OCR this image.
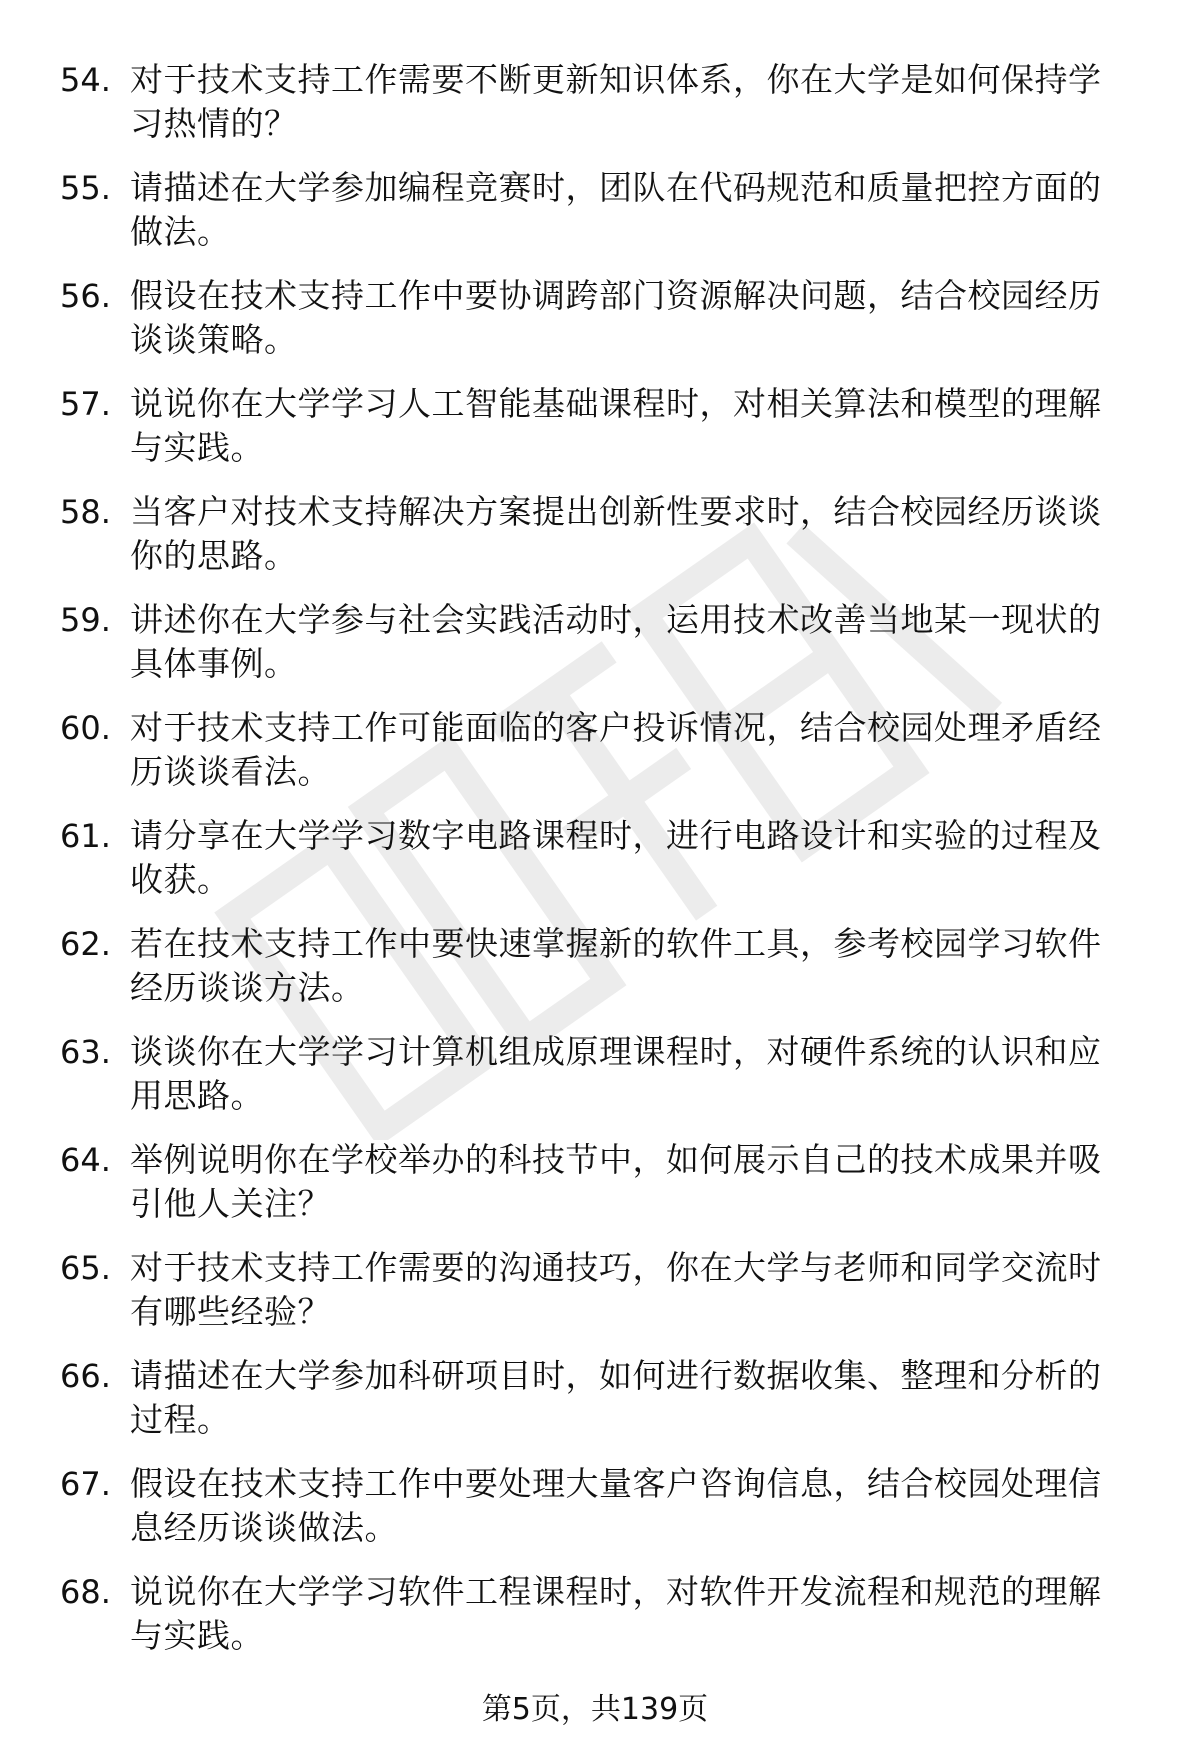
54. 对于技术支持工作需要不断更新知识体系，你在大学是如何保持学习热情的？
55. 请描述在大学参加编程竞赛时，团队在代码规范和质量把控方面的做法。
56. 假设在技术支持工作中要协调跨部门资源解决问题，结合校园经历谈谈策略。
57. 说说你在大学学习人工智能基础课程时，对相关算法和模型的理解与实践。
58. 当客户对技术支持解决方案提出创新性要求时，结合校园经历谈谈你的思路。
59. 讲述你在大学参与社会实践活动时，运用技术改善当地某一现状的具体事例。
60. 对于技术支持工作可能面临的客户投诉情况，结合校园处理矛盾经历谈谈看法。
61. 请分享在大学学习数字电路课程时，进行电路设计和实验的过程及收获。
62. 若在技术支持工作中要快速掌握新的软件工具，参考校园学习软件经历谈谈方法。
63. 谈谈你在大学学习计算机组成原理课程时，对硬件系统的认识和应用思路。
64. 举例说明你在学校举办的科技节中，如何展示自己的技术成果并吸引他人关注？
65. 对于技术支持工作需要的沟通技巧，你在大学与老师和同学交流时有哪些经验？
66. 请描述在大学参加科研项目时，如何进行数据收集、整理和分析的过程。
67. 假设在技术支持工作中要处理大量客户咨询信息，结合校园处理信息经历谈谈做法。
68. 说说你在大学学习软件工程课程时，对软件开发流程和规范的理解与实践。
第5页，共139页
